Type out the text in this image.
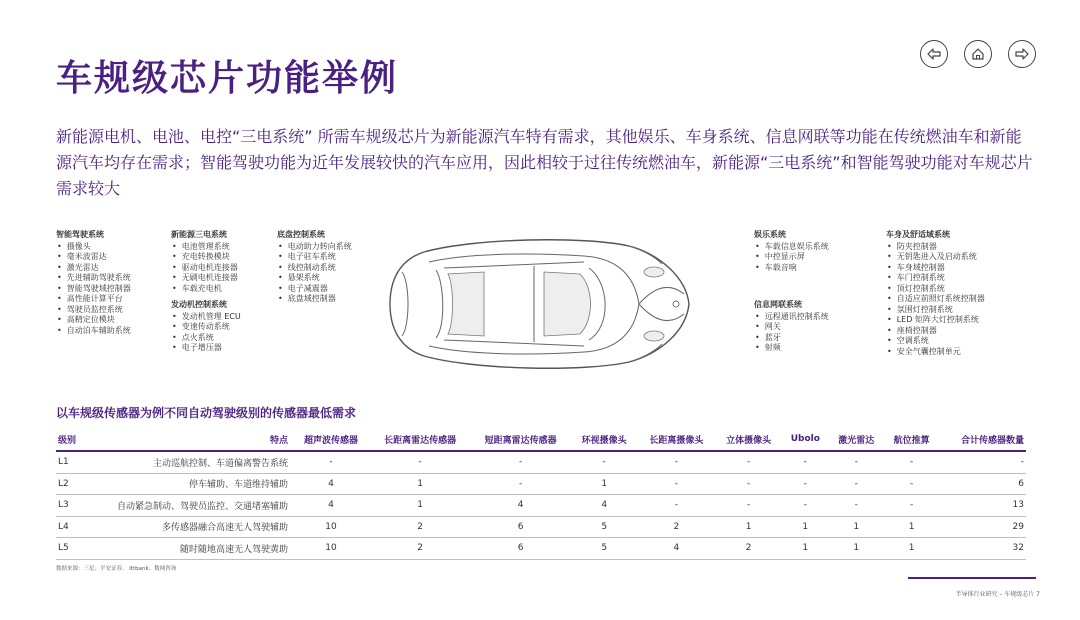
车规级芯片功能举例
新能源电机、电池、电控“三电系统” 所需车规级芯片为新能源汽车特有需求，其他娱乐、车身系统、信息网联等功能在传统燃油车和新能源汽车均存在需求；智能驾驶功能为近年发展较快的汽车应用，因此相较于过往传统燃油车，新能源“三电系统”和智能驾驶功能对车规芯片需求较大
智能驾驶系统
• 摄像头
• 毫米波雷达
• 激光雷达
• 先进辅助驾驶系统
• 智能驾驶域控制器
• 高性能计算平台
• 驾驶员监控系统
• 高精定位模块
• 自动泊车辅助系统
新能源三电系统
• 电池管理系统
• 充电转换模块
• 驱动电机连接器
• 无刷电机连接器
• 车载充电机
发动机控制系统
• 发动机管理 ECU
• 变速传动系统
• 点火系统
• 电子增压器
底盘控制系统
• 电动助力转向系统
• 电子驻车系统
• 线控制动系统
• 悬架系统
• 电子减震器
• 底盘域控制器
娱乐系统
• 车载信息娱乐系统
• 中控显示屏
• 车载音响
信息网联系统
• 远程通讯控制系统
• 网关
• 蓝牙
• 射频
车身及舒适域系统
• 防夹控制器
• 无钥匙进入及启动系统
• 车身域控制器
• 车门控制系统
• 顶灯控制系统
• 自适应前照灯系统控制器
• 氛围灯控制系统
• LED 矩阵大灯控制系统
• 座椅控制器
• 空调系统
• 安全气囊控制单元
以车规级传感器为例不同自动驾驶级别的传感器最低需求
级别	特点	超声波传感器	长距离雷达传感器	短距离雷达传感器	环视摄像头	长距离摄像头	立体摄像头	Ubolo	激光雷达	航位推算	合计传感器数量
L1	主动巡航控制、车道偏离警告系统	-	-	-	-	-	-	-	-	-	-
L2	停车辅助、车道维持辅助	4	1	-	1	-	-	-	-	-	6
L3	自动紧急制动、驾驶员监控、交通堵塞辅助	4	1	4	4	-	-	-	-	-	13
L4	多传感器融合高速无人驾驶辅助	10	2	6	5	2	1	1	1	1	29
L5	随时随地高速无人驾驶黄助	10	2	6	5	4	2	1	1	1	32
数据来源：三星、平安证券、 Ittbank、数网咨询
半导体行业研究 – 车规级芯片 7
